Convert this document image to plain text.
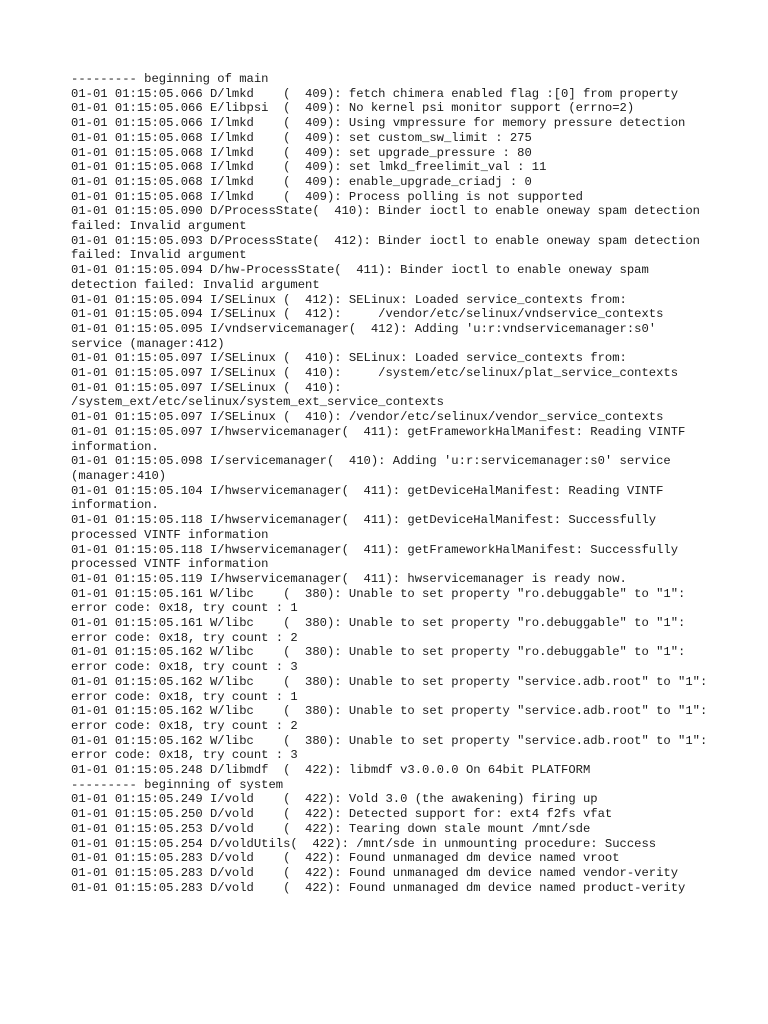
--------- beginning of main
01-01 01:15:05.066 D/lmkd    (  409): fetch chimera enabled flag :[0] from property
01-01 01:15:05.066 E/libpsi  (  409): No kernel psi monitor support (errno=2)
01-01 01:15:05.066 I/lmkd    (  409): Using vmpressure for memory pressure detection
01-01 01:15:05.068 I/lmkd    (  409): set custom_sw_limit : 275
01-01 01:15:05.068 I/lmkd    (  409): set upgrade_pressure : 80
01-01 01:15:05.068 I/lmkd    (  409): set lmkd_freelimit_val : 11
01-01 01:15:05.068 I/lmkd    (  409): enable_upgrade_criadj : 0
01-01 01:15:05.068 I/lmkd    (  409): Process polling is not supported
01-01 01:15:05.090 D/ProcessState(  410): Binder ioctl to enable oneway spam detection failed: Invalid argument
01-01 01:15:05.093 D/ProcessState(  412): Binder ioctl to enable oneway spam detection failed: Invalid argument
01-01 01:15:05.094 D/hw-ProcessState(  411): Binder ioctl to enable oneway spam detection failed: Invalid argument
01-01 01:15:05.094 I/SELinux (  412): SELinux: Loaded service_contexts from:
01-01 01:15:05.094 I/SELinux (  412):     /vendor/etc/selinux/vndservice_contexts
01-01 01:15:05.095 I/vndservicemanager(  412): Adding 'u:r:vndservicemanager:s0' service (manager:412)
01-01 01:15:05.097 I/SELinux (  410): SELinux: Loaded service_contexts from:
01-01 01:15:05.097 I/SELinux (  410):     /system/etc/selinux/plat_service_contexts
01-01 01:15:05.097 I/SELinux (  410): /system_ext/etc/selinux/system_ext_service_contexts
01-01 01:15:05.097 I/SELinux (  410): /vendor/etc/selinux/vendor_service_contexts
01-01 01:15:05.097 I/hwservicemanager(  411): getFrameworkHalManifest: Reading VINTF information.
01-01 01:15:05.098 I/servicemanager(  410): Adding 'u:r:servicemanager:s0' service (manager:410)
01-01 01:15:05.104 I/hwservicemanager(  411): getDeviceHalManifest: Reading VINTF information.
01-01 01:15:05.118 I/hwservicemanager(  411): getDeviceHalManifest: Successfully processed VINTF information
01-01 01:15:05.118 I/hwservicemanager(  411): getFrameworkHalManifest: Successfully processed VINTF information
01-01 01:15:05.119 I/hwservicemanager(  411): hwservicemanager is ready now.
01-01 01:15:05.161 W/libc    (  380): Unable to set property "ro.debuggable" to "1": error code: 0x18, try count : 1
01-01 01:15:05.161 W/libc    (  380): Unable to set property "ro.debuggable" to "1": error code: 0x18, try count : 2
01-01 01:15:05.162 W/libc    (  380): Unable to set property "ro.debuggable" to "1": error code: 0x18, try count : 3
01-01 01:15:05.162 W/libc    (  380): Unable to set property "service.adb.root" to "1": error code: 0x18, try count : 1
01-01 01:15:05.162 W/libc    (  380): Unable to set property "service.adb.root" to "1": error code: 0x18, try count : 2
01-01 01:15:05.162 W/libc    (  380): Unable to set property "service.adb.root" to "1": error code: 0x18, try count : 3
01-01 01:15:05.248 D/libmdf  (  422): libmdf v3.0.0.0 On 64bit PLATFORM
--------- beginning of system
01-01 01:15:05.249 I/vold    (  422): Vold 3.0 (the awakening) firing up
01-01 01:15:05.250 D/vold    (  422): Detected support for: ext4 f2fs vfat
01-01 01:15:05.253 D/vold    (  422): Tearing down stale mount /mnt/sde
01-01 01:15:05.254 D/voldUtils(  422): /mnt/sde in unmounting procedure: Success
01-01 01:15:05.283 D/vold    (  422): Found unmanaged dm device named vroot
01-01 01:15:05.283 D/vold    (  422): Found unmanaged dm device named vendor-verity
01-01 01:15:05.283 D/vold    (  422): Found unmanaged dm device named product-verity
